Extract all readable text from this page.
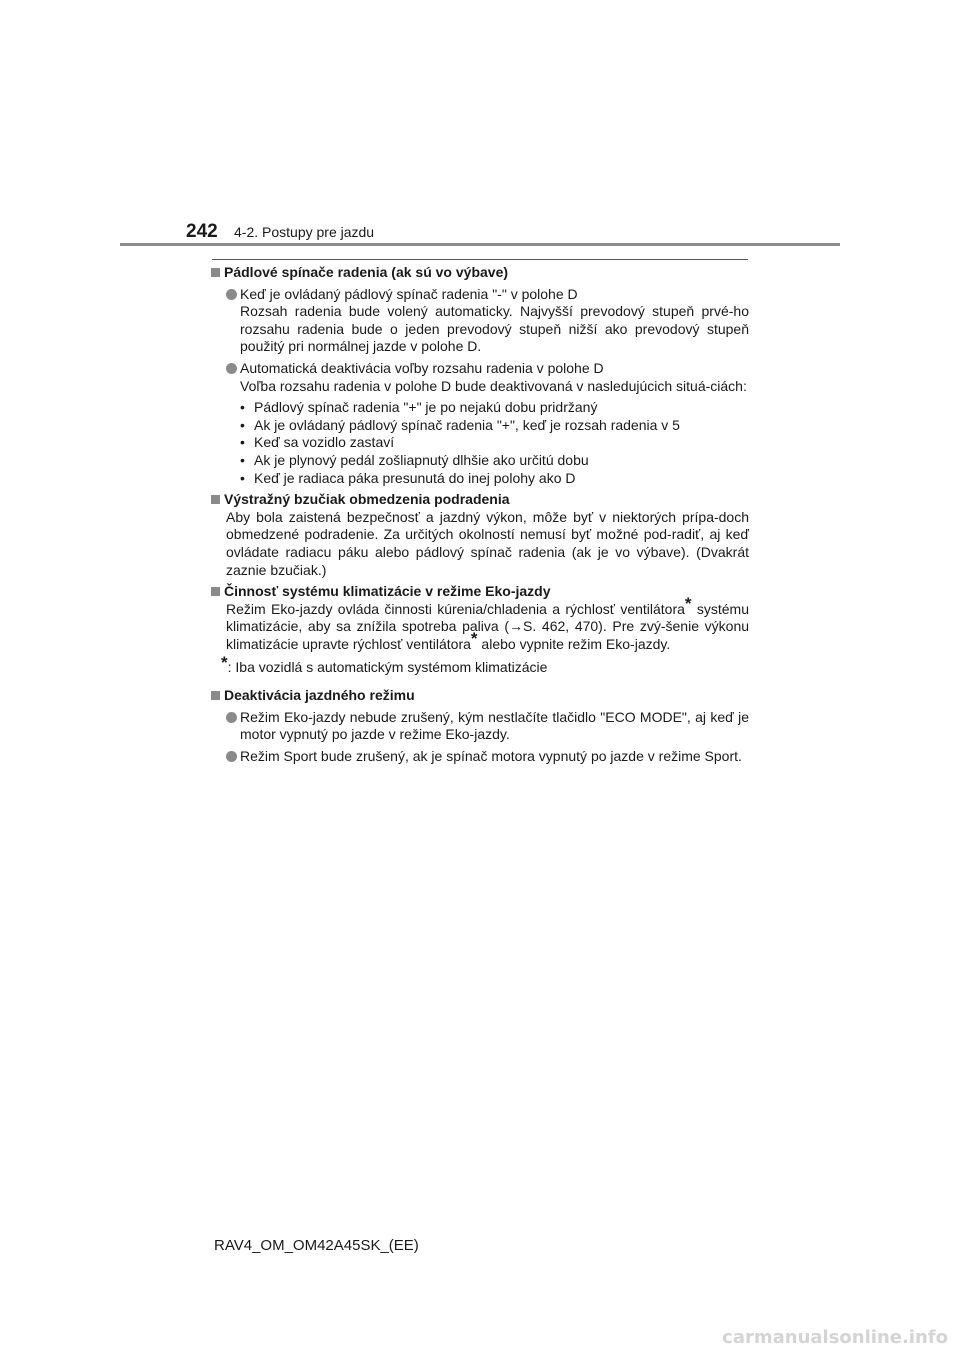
242 4-2. Postupy pre jazdu
Pádlové spínače radenia (ak sú vo výbave)
Keď je ovládaný pádlový spínač radenia "-" v polohe D
Rozsah radenia bude volený automaticky. Najvyšší prevodový stupeň prvé-ho rozsahu radenia bude o jeden prevodový stupeň nižší ako prevodový stupeň použitý pri normálnej jazde v polohe D.
Automatická deaktivácia voľby rozsahu radenia v polohe D
Voľba rozsahu radenia v polohe D bude deaktivovaná v nasledujúcich situá-ciách:
• Pádlový spínač radenia "+" je po nejakú dobu pridržaný
• Ak je ovládaný pádlový spínač radenia "+", keď je rozsah radenia v 5
• Keď sa vozidlo zastaví
• Ak je plynový pedál zošliapnutý dlhšie ako určitú dobu
• Keď je radiaca páka presunutá do inej polohy ako D
Výstražný bzučiak obmedzenia podradenia
Aby bola zaistená bezpečnosť a jazdný výkon, môže byť v niektorých prípa-doch obmedzené podradenie. Za určitých okolností nemusí byť možné pod-radiť, aj keď ovládate radiacu páku alebo pádlový spínač radenia (ak je vo výbave). (Dvakrát zaznie bzučiak.)
Činnosť systému klimatizácie v režime Eko-jazdy
Režim Eko-jazdy ovláda činnosti kúrenia/chladenia a rýchlosť ventilátora* systému klimatizácie, aby sa znížila spotreba paliva (→S. 462, 470). Pre zvý-šenie výkonu klimatizácie upravte rýchlosť ventilátora* alebo vypnite režim Eko-jazdy.
*: Iba vozidlá s automatickým systémom klimatizácie
Deaktivácia jazdného režimu
Režim Eko-jazdy nebude zrušený, kým nestlačíte tlačidlo "ECO MODE", aj keď je motor vypnutý po jazde v režime Eko-jazdy.
Režim Sport bude zrušený, ak je spínač motora vypnutý po jazde v režime Sport.
RAV4_OM_OM42A45SK_(EE)
carmanualsonline.info
